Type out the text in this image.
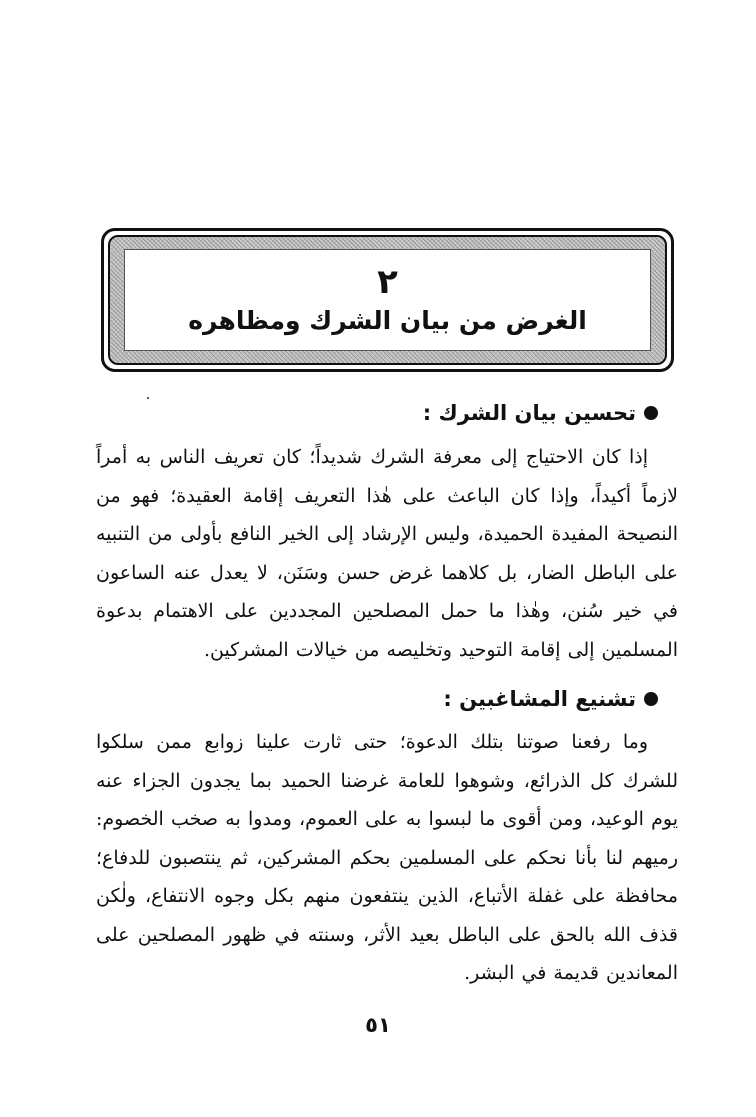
٢
الغرض من بيان الشرك ومظاهره
تحسين بيان الشرك :
إذا كان الاحتياج إلى معرفة الشرك شديداً؛ كان تعريف الناس به أمراً لازماً أكيداً، وإذا كان الباعث على هٰذا التعريف إقامة العقيدة؛ فهو من النصيحة المفيدة الحميدة، وليس الإرشاد إلى الخير النافع بأولى من التنبيه على الباطل الضار، بل كلاهما غرض حسن وسَنَن، لا يعدل عنه الساعون في خير سُنن، وهٰذا ما حمل المصلحين المجددين على الاهتمام بدعوة المسلمين إلى إقامة التوحيد وتخليصه من خيالات المشركين.
تشنيع المشاغبين :
وما رفعنا صوتنا بتلك الدعوة؛ حتى ثارت علينا زوابع ممن سلكوا للشرك كل الذرائع، وشوهوا للعامة غرضنا الحميد بما يجدون الجزاء عنه يوم الوعيد، ومن أقوى ما لبسوا به على العموم، ومدوا به صخب الخصوم: رميهم لنا بأنا نحكم على المسلمين بحكم المشركين، ثم ينتصبون للدفاع؛ محافظة على غفلة الأتباع، الذين ينتفعون منهم بكل وجوه الانتفاع، ولٰكن قذف الله بالحق على الباطل بعيد الأثر، وسنته في ظهور المصلحين على المعاندين قديمة في البشر.
٥١
